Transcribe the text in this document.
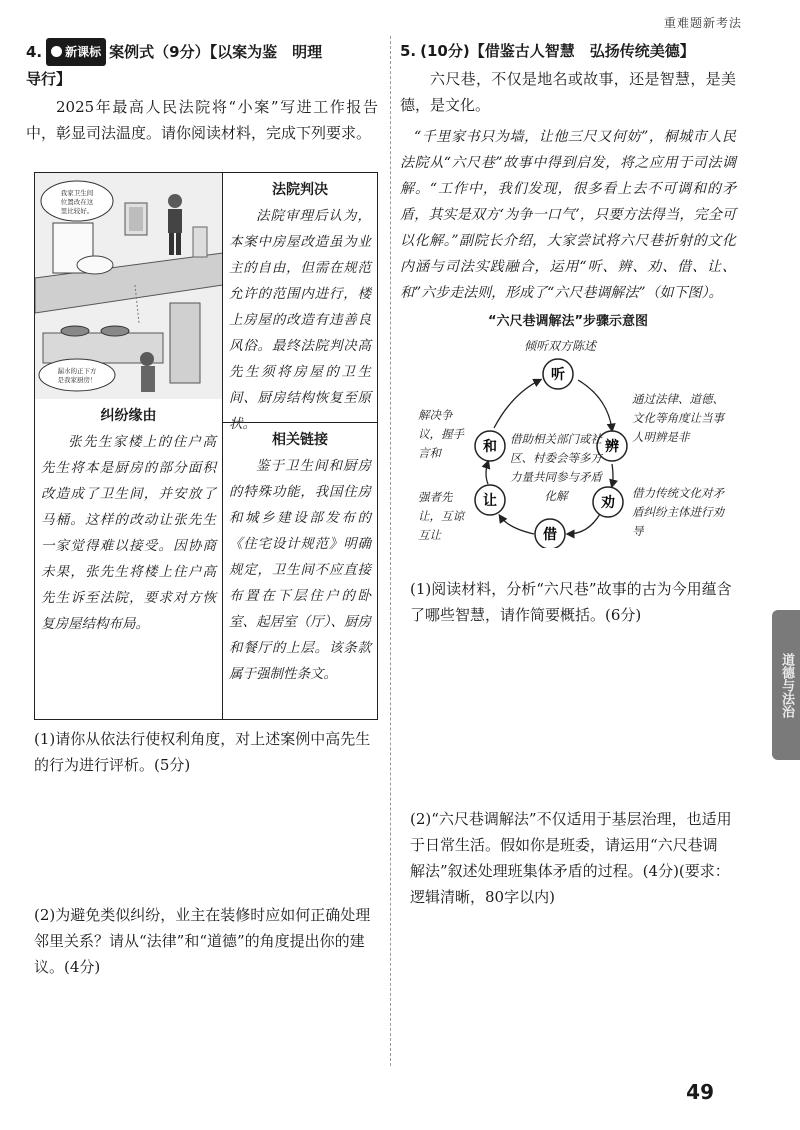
重难题新考法
4. 新课标 案例式（9分）【以案为鉴　明理
导行】
2025年最高人民法院将“小案”写进工作报告中，彰显司法温度。请你阅读材料，完成下列要求。
我家卫生间
位置改在这
里比较好。
漏水的正下方
是我家厨房！
纠纷缘由
张先生家楼上的住户高先生将本是厨房的部分面积改造成了卫生间，并安放了马桶。这样的改动让张先生一家觉得难以接受。因协商未果，张先生将楼上住户高先生诉至法院，要求对方恢复房屋结构布局。
法院判决
法院审理后认为，本案中房屋改造虽为业主的自由，但需在规范允许的范围内进行，楼上房屋的改造有违善良风俗。最终法院判决高先生须将房屋的卫生间、厨房结构恢复至原状。
相关链接
鉴于卫生间和厨房的特殊功能，我国住房和城乡建设部发布的《住宅设计规范》明确规定，卫生间不应直接布置在下层住户的卧室、起居室（厅）、厨房和餐厅的上层。该条款属于强制性条文。
(1)请你从依法行使权利角度，对上述案例中高先生的行为进行评析。(5分)
(2)为避免类似纠纷，业主在装修时应如何正确处理邻里关系？请从“法律”和“道德”的角度提出你的建议。(4分)
5. (10分)【借鉴古人智慧　弘扬传统美德】
六尺巷，不仅是地名或故事，还是智慧，是美德，是文化。
“千里家书只为墙，让他三尺又何妨”，桐城市人民法院从“六尺巷”故事中得到启发，将之应用于司法调解。“工作中，我们发现，很多看上去不可调和的矛盾，其实是双方‘为争一口气’，只要方法得当，完全可以化解。”副院长介绍，大家尝试将六尺巷折射的文化内涵与司法实践融合，运用“听、辨、劝、借、让、和”六步走法则，形成了“六尺巷调解法”（如下图）。
“六尺巷调解法”步骤示意图
倾听双方陈述
听
辨
劝
借
让
和
通过法律、道德、文化等角度让当事人明辨是非
借力传统文化对矛盾纠纷主体进行劝导
借助相关部门或社区、村委会等多方力量共同参与矛盾化解
强者先让，互谅互让
解决争议，握手言和
(1)阅读材料，分析“六尺巷”故事的古为今用蕴含了哪些智慧，请作简要概括。(6分)
(2)“六尺巷调解法”不仅适用于基层治理，也适用于日常生活。假如你是班委，请运用“六尺巷调解法”叙述处理班集体矛盾的过程。(4分)(要求：逻辑清晰，80字以内)
道德与法治
49
